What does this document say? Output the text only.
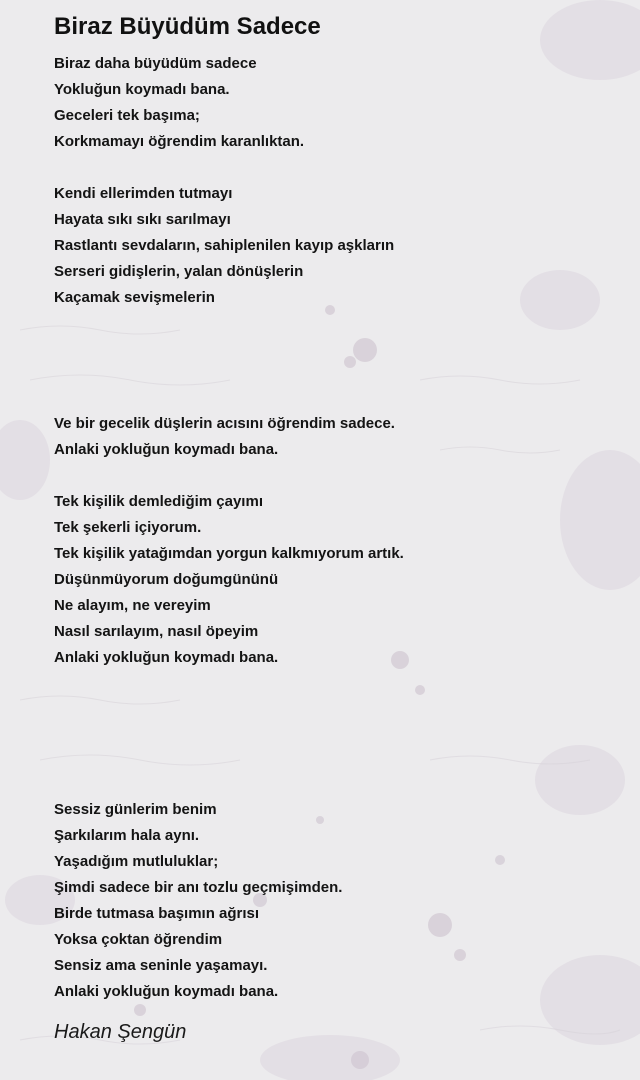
Biraz Büyüdüm Sadece
Biraz daha büyüdüm sadece
Yokluğun koymadı bana.
Geceleri tek başıma;
Korkmamayı öğrendim karanlıktan.
Kendi ellerimden tutmayı
Hayata sıkı sıkı sarılmayı
Rastlantı sevdaların, sahiplenilen kayıp aşkların
Serseri gidişlerin, yalan dönüşlerin
Kaçamak sevişmelerin
Ve bir gecelik düşlerin acısını öğrendim sadece.
Anlaki yokluğun koymadı bana.
Tek kişilik demlediğim çayımı
Tek şekerli içiyorum.
Tek kişilik yatağımdan yorgun kalkmıyorum artık.
Düşünmüyorum doğumgününü
Ne alayım, ne vereyim
Nasıl sarılayım, nasıl öpeyim
Anlaki yokluğun koymadı bana.
Sessiz günlerim benim
Şarkılarım hala aynı.
Yaşadığım mutluluklar;
Şimdi sadece bir anı tozlu geçmişimden.
Birde tutmasa başımın ağrısı
Yoksa çoktan öğrendim
Sensiz ama seninle yaşamayı.
Anlaki yokluğun koymadı bana.
Hakan Şengün
